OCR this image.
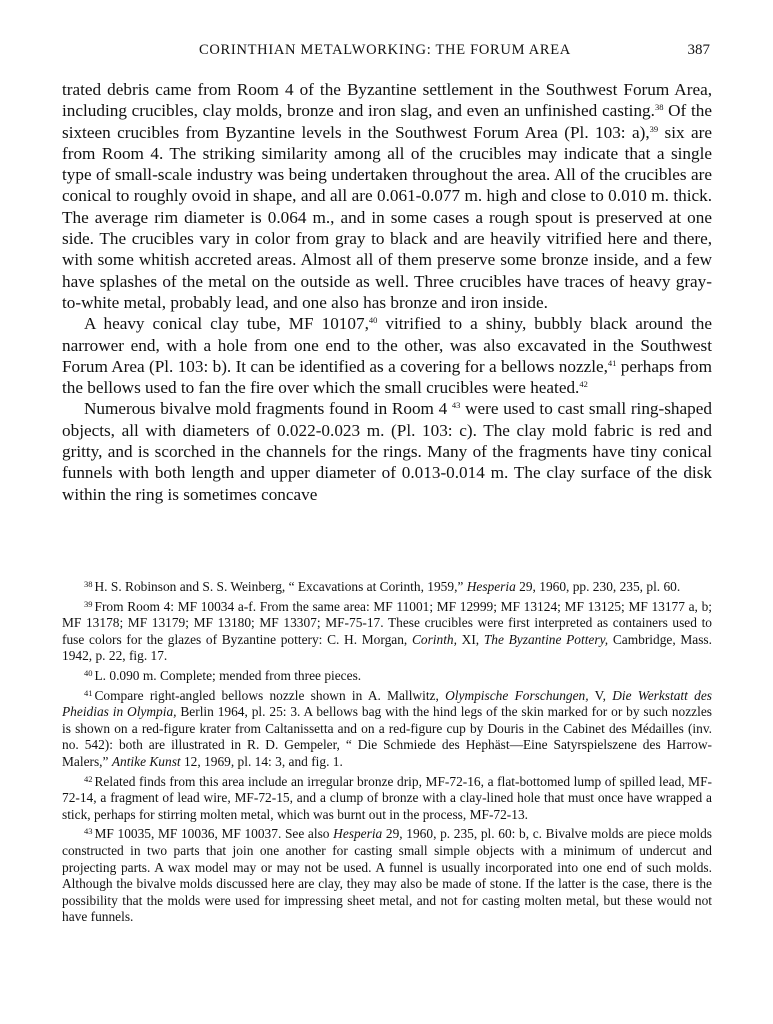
CORINTHIAN METALWORKING: THE FORUM AREA	387

trated debris came from Room 4 of the Byzantine settlement in the Southwest Forum Area, including crucibles, clay molds, bronze and iron slag, and even an unfinished casting.$^{38}$ Of the sixteen crucibles from Byzantine levels in the Southwest Forum Area (Pl. 103: a),$^{39}$ six are from Room 4. The striking similarity among all of the crucibles may indicate that a single type of small-scale industry was being undertaken throughout the area. All of the crucibles are conical to roughly ovoid in shape, and all are 0.061-0.077 m. high and close to 0.010 m. thick. The average rim diameter is 0.064 m., and in some cases a rough spout is preserved at one side. The crucibles vary in color from gray to black and are heavily vitrified here and there, with some whitish accreted areas. Almost all of them preserve some bronze inside, and a few have splashes of the metal on the outside as well. Three crucibles have traces of heavy gray-to-white metal, probably lead, and one also has bronze and iron inside.

A heavy conical clay tube, MF 10107,40 vitrified to a shiny, bubbly black around the narrower end, with a hole from one end to the other, was also excavated in the Southwest Forum Area (Pl. 103: b). It can be identified as a covering for a bellows nozzle,$^{41}$ perhaps from the bellows used to fan the fire over which the small crucibles were heated.$^{42}$

Numerous bivalve mold fragments found in Room 4 $^{43}$ were used to cast small ring-shaped objects, all with diameters of 0.022-0.023 m. (Pl. 103: c). The clay mold fabric is red and gritty, and is scorched in the channels for the rings. Many of the fragments have tiny conical funnels with both length and upper diameter of 0.013-0.014 m. The clay surface of the disk within the ring is sometimes concave

$^{38}$ H. S. Robinson and S. S. Weinberg, “ Excavations at Corinth, 1959,” Hesperia 29, 1960, pp. 230, 235, pl. 60.

$^{39}$ From Room 4: MF 10034 a-f. From the same area: MF 11001; MF 12999; MF 13124; MF 13125; MF 13177 a, b; MF 13178; MF 13179; MF 13180; MF 13307; MF-75-17. These crucibles were first interpreted as containers used to fuse colors for the glazes of Byzantine pottery: C. H. Morgan, Corinth, XI, The Byzantine Pottery, Cambridge, Mass. 1942, p. 22, fig. 17.

$^{40}$ L. 0.090 m. Complete; mended from three pieces.

$^{41}$ Compare right-angled bellows nozzle shown in A. Mallwitz, Olympische Forschungen, V, Die Werkstatt des Pheidias in Olympia, Berlin 1964, pl. 25: 3. A bellows bag with the hind legs of the skin marked for or by such nozzles is shown on a red-figure krater from Caltanissetta and on a red-figure cup by Douris in the Cabinet des Médailles (inv. no. 542): both are illustrated in R. D. Gempeler, “ Die Schmiede des Hephäst—Eine Satyrspielszene des Harrow-Malers,” Antike Kunst 12, 1969, pl. 14: 3, and fig. 1.

$^{42}$ Related finds from this area include an irregular bronze drip, MF-72-16, a flat-bottomed lump of spilled lead, MF-72-14, a fragment of lead wire, MF-72-15, and a clump of bronze with a clay-lined hole that must once have wrapped a stick, perhaps for stirring molten metal, which was burnt out in the process, MF-72-13.

$^{43}$ MF 10035, MF 10036, MF 10037. See also Hesperia 29, 1960, p. 235, pl. 60: b, c. Bivalve molds are piece molds constructed in two parts that join one another for casting small simple objects with a minimum of undercut and projecting parts. A wax model may or may not be used. A funnel is usually incorporated into one end of such molds. Although the bivalve molds discussed here are clay, they may also be made of stone. If the latter is the case, there is the possibility that the molds were used for impressing sheet metal, and not for casting molten metal, but these would not have funnels.
